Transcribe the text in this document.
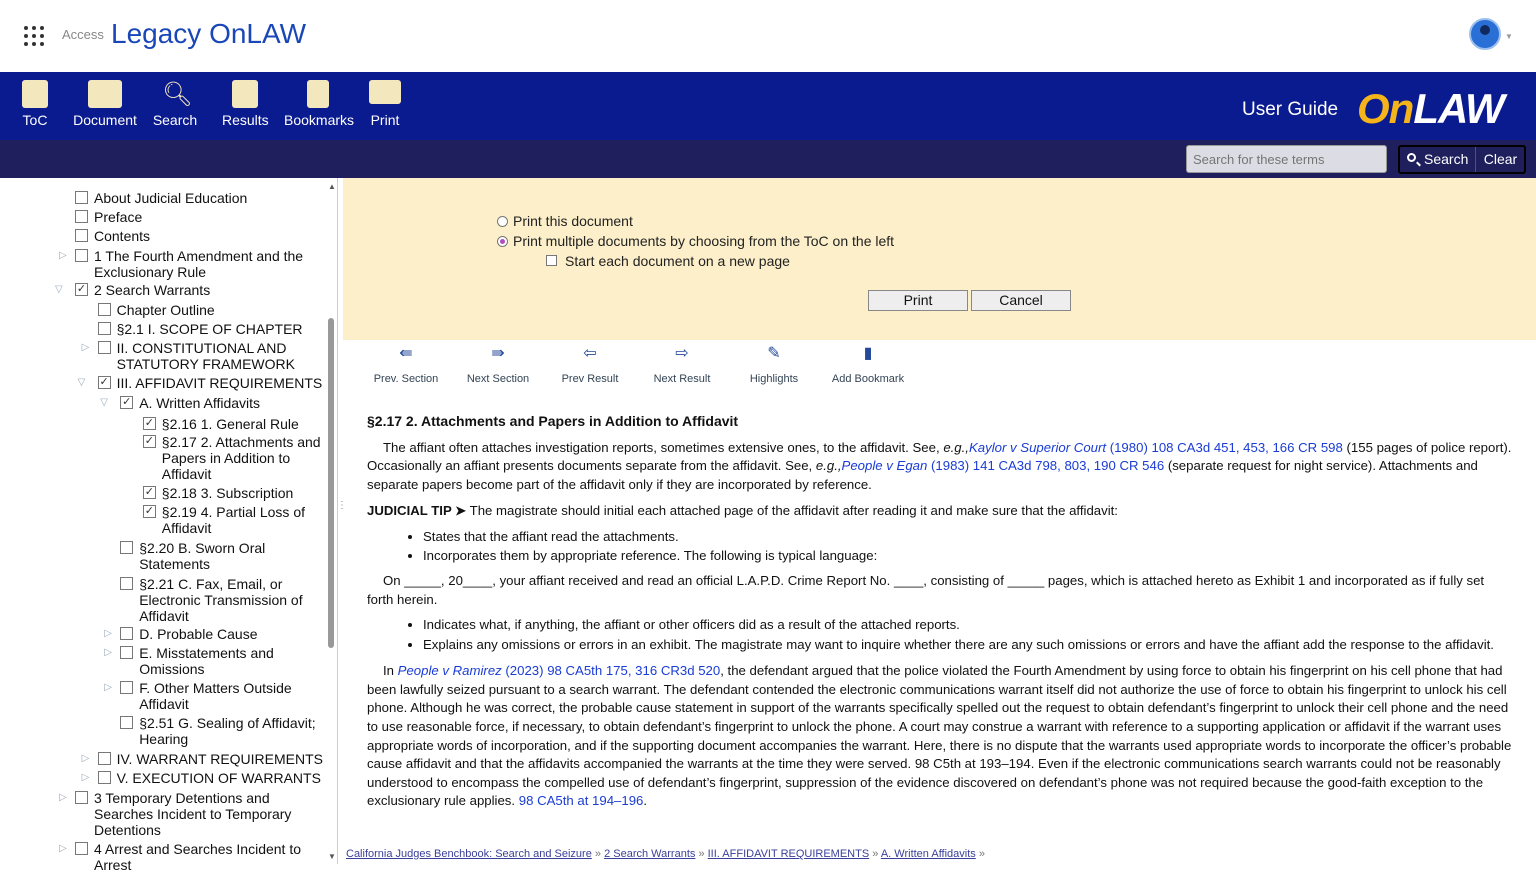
Access Legacy OnLAW	▼
ToC	Document
🔍︎
Search Results Bookmarks Print	User Guide OnLAW
Search for these terms
Search	Clear
About Judicial Education
Preface
Contents
▷ 1 The Fourth Amendment and the Exclusionary Rule
▽ ✓ 2 Search Warrants
Chapter Outline
§2.1 I. SCOPE OF CHAPTER
▷ II. CONSTITUTIONAL AND STATUTORY FRAMEWORK
▽ ✓ III. AFFIDAVIT REQUIREMENTS
▽ ✓ A. Written Affidavits
✓ §2.16 1. General Rule
✓ §2.17 2. Attachments and Papers in Addition to Affidavit
✓ §2.18 3. Subscription
✓ §2.19 4. Partial Loss of Affidavit
§2.20 B. Sworn Oral Statements
§2.21 C. Fax, Email, or Electronic Transmission of Affidavit
▷ D. Probable Cause
▷ E. Misstatements and Omissions
▷ F. Other Matters Outside Affidavit
§2.51 G. Sealing of Affidavit; Hearing
▷ IV. WARRANT REQUIREMENTS
▷ V. EXECUTION OF WARRANTS
▷ 3 Temporary Detentions and Searches Incident to Temporary Detentions
▷ 4 Arrest and Searches Incident to Arrest
▲
▼
⋮
Print this document
Print multiple documents by choosing from the ToC on the left
Start each document on a new page
Print	Cancel
⇚
Prev. Section
⇛
Next Section
⇦
Prev Result
⇨
Next Result
✎
Highlights
▮
Add Bookmark
§2.17 2. Attachments and Papers in Addition to Affidavit

The affiant often attaches investigation reports, sometimes extensive ones, to the affidavit. See, e.g.,Kaylor v Superior Court (1980) 108 CA3d 451, 453, 166 CR 598 (155 pages of police report). Occasionally an affiant presents documents separate from the affidavit. See, e.g.,People v Egan (1983) 141 CA3d 798, 803, 190 CR 546 (separate request for night service). Attachments and separate papers become part of the affidavit only if they are incorporated by reference.

JUDICIAL TIP ➤ The magistrate should initial each attached page of the affidavit after reading it and make sure that the affidavit:

• States that the affiant read the attachments.
• Incorporates them by appropriate reference. The following is typical language:

On _____, 20____, your affiant received and read an official L.A.P.D. Crime Report No. ____, consisting of _____ pages, which is attached hereto as Exhibit 1 and incorporated as if fully set forth herein.

• Indicates what, if anything, the affiant or other officers did as a result of the attached reports.
• Explains any omissions or errors in an exhibit. The magistrate may want to inquire whether there are any such omissions or errors and have the affiant add the response to the affidavit.

In People v Ramirez (2023) 98 CA5th 175, 316 CR3d 520, the defendant argued that the police violated the Fourth Amendment by using force to obtain his fingerprint on his cell phone that had been lawfully seized pursuant to a search warrant. The defendant contended the electronic communications warrant itself did not authorize the use of force to obtain his fingerprint to unlock his cell phone. Although he was correct, the probable cause statement in support of the warrants specifically spelled out the request to obtain defendant’s fingerprint to unlock their cell phone and the need to use reasonable force, if necessary, to obtain defendant’s fingerprint to unlock the phone. A court may construe a warrant with reference to a supporting application or affidavit if the warrant uses appropriate words of incorporation, and if the supporting document accompanies the warrant. Here, there is no dispute that the warrants used appropriate words to incorporate the officer’s probable cause affidavit and that the affidavits accompanied the warrants at the time they were served. 98 C5th at 193–194. Even if the electronic communications search warrants could not be reasonably understood to encompass the compelled use of defendant’s fingerprint, suppression of the evidence discovered on defendant’s phone was not required because the good-faith exception to the exclusionary rule applies. 98 CA5th at 194–196.

California Judges Benchbook: Search and Seizure » 2 Search Warrants » III. AFFIDAVIT REQUIREMENTS » A. Written Affidavits »
